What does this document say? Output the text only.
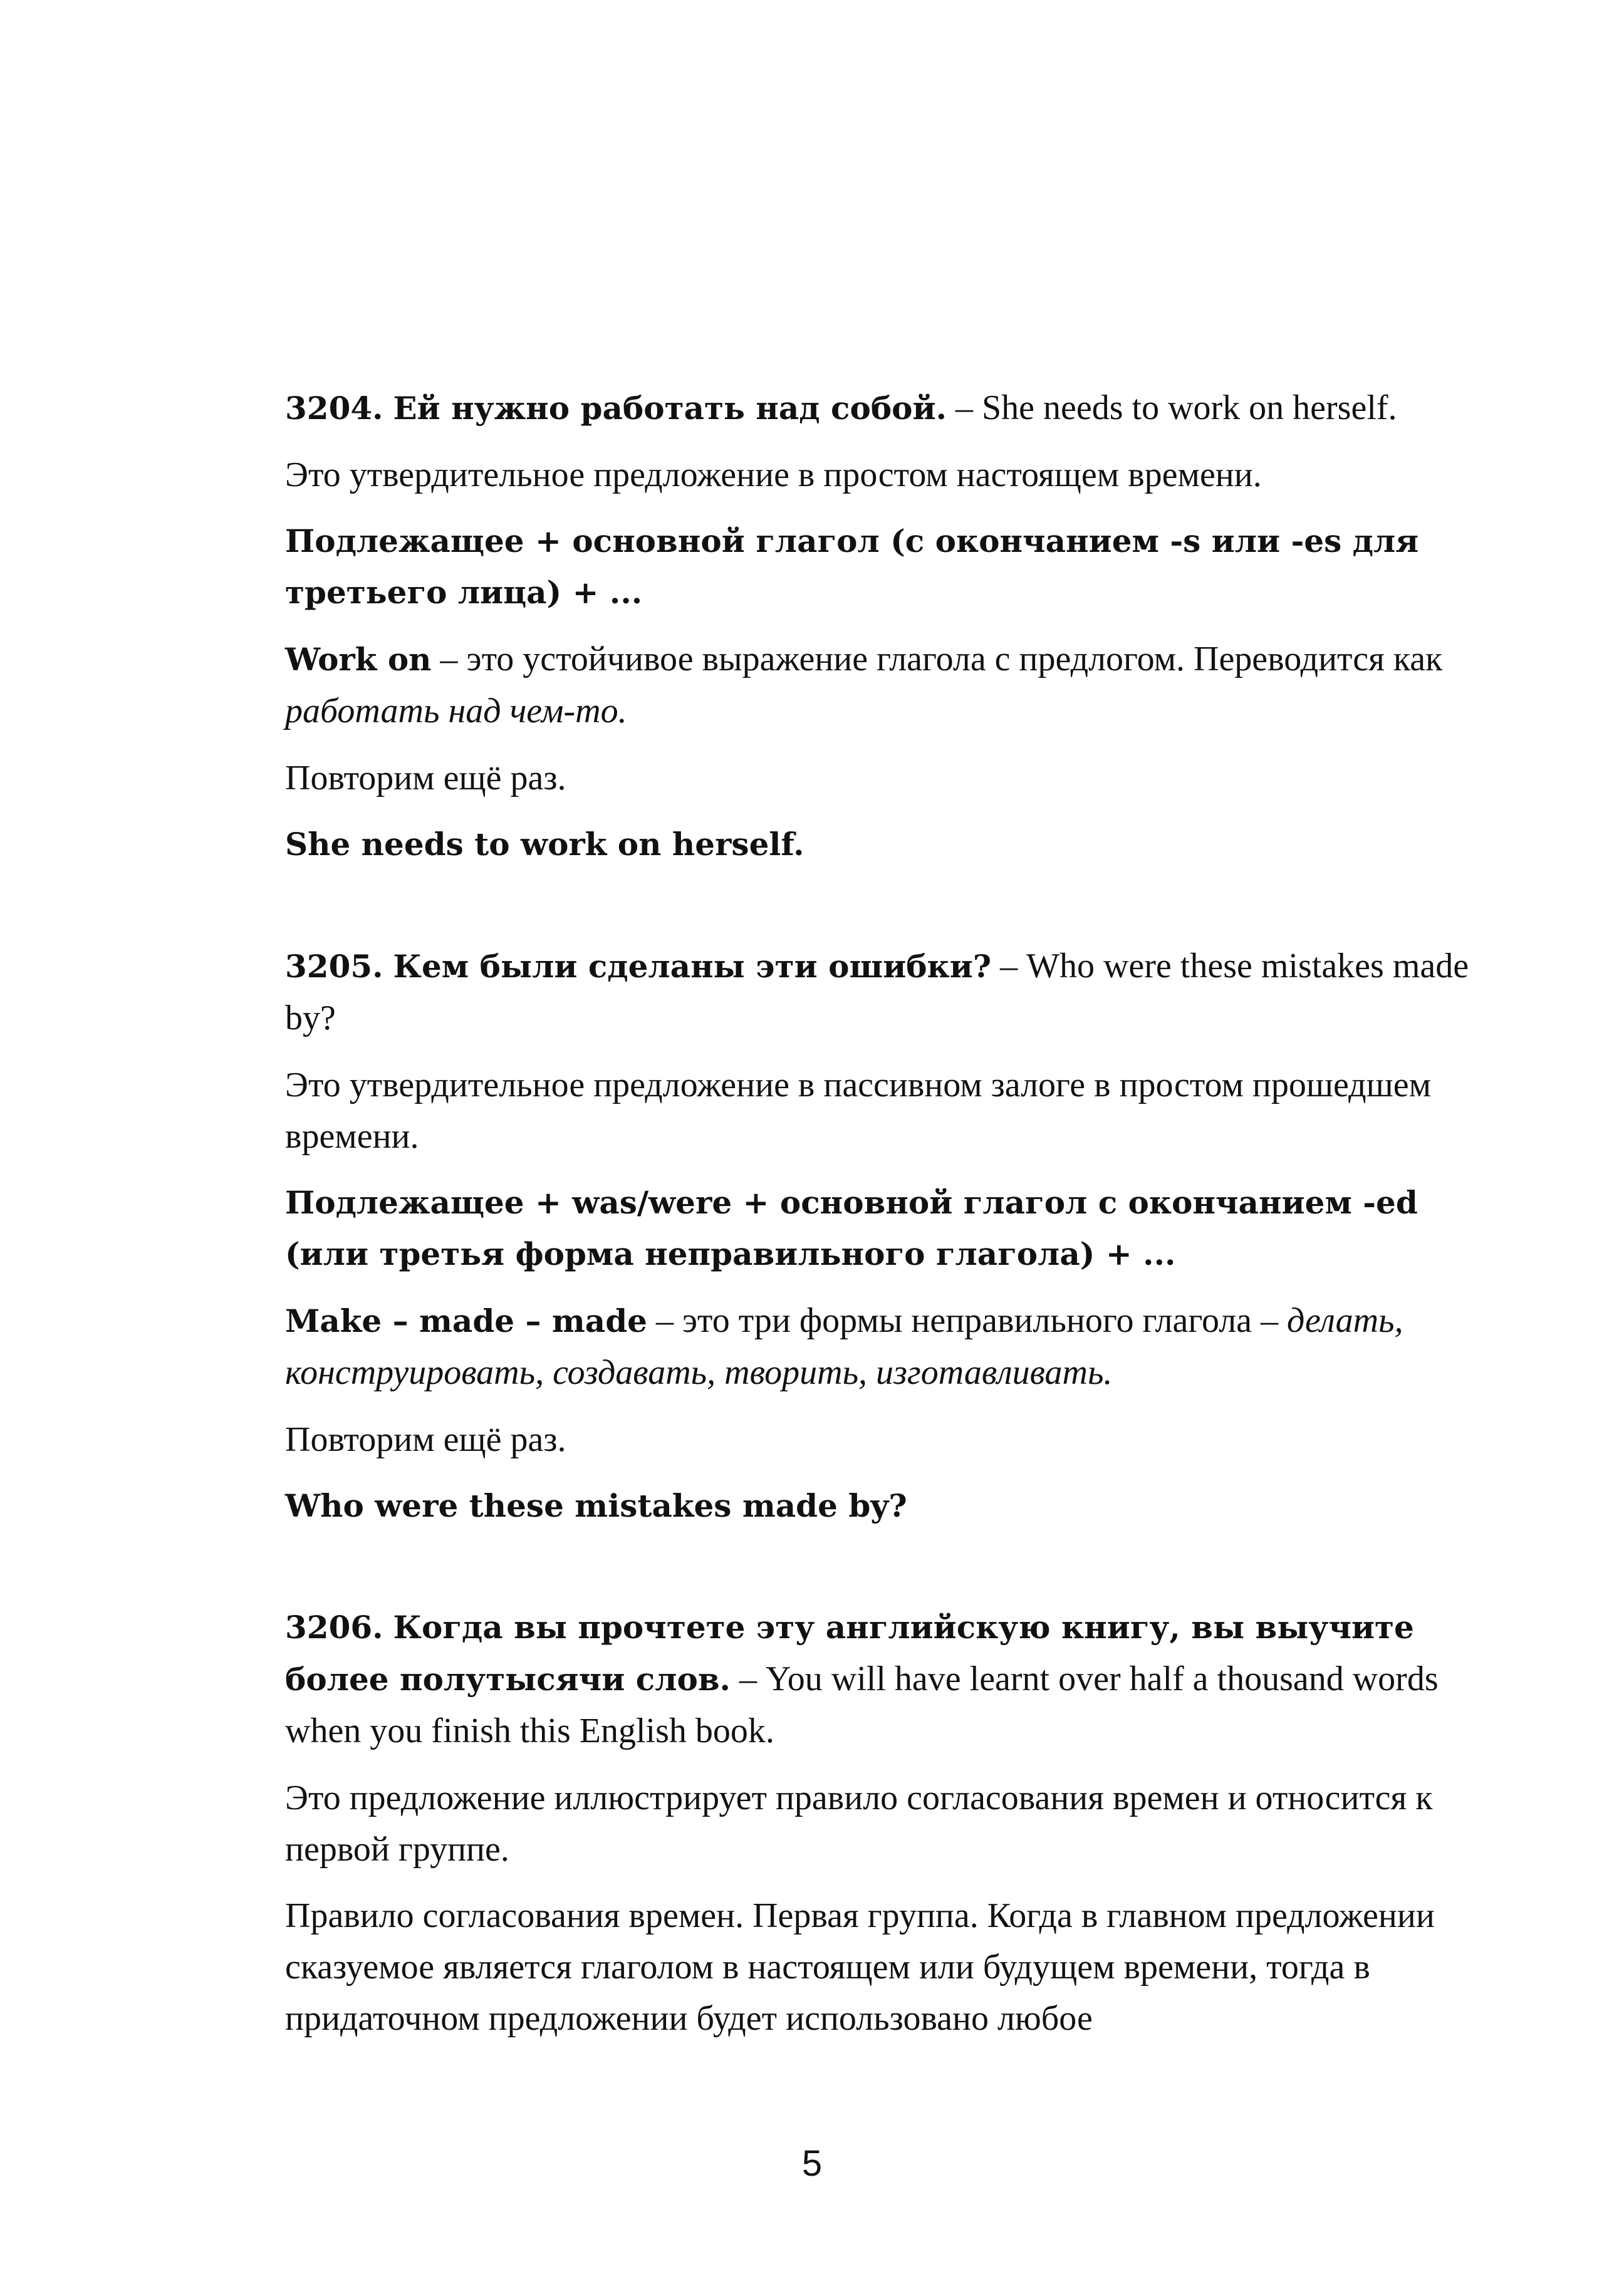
3204. Ей нужно работать над собой. – She needs to work on herself.

Это утвердительное предложение в простом настоящем времени.

Подлежащее + основной глагол (с окончанием -s или -es для третьего лица) + ...

Work on – это устойчивое выражение глагола с предлогом. Переводится как работать над чем-то.

Повторим ещё раз.

She needs to work on herself.

3205. Кем были сделаны эти ошибки? – Who were these mistakes made by?

Это утвердительное предложение в пассивном залоге в простом прошедшем времени.

Подлежащее + was/were + основной глагол с окончанием -ed (или третья форма неправильного глагола) + ...

Make – made – made – это три формы неправильного глагола – делать, конструировать, создавать, творить, изготавливать.

Повторим ещё раз.

Who were these mistakes made by?

3206. Когда вы прочтете эту английскую книгу, вы выучите более полутысячи слов. – You will have learnt over half a thousand words when you finish this English book.

Это предложение иллюстрирует правило согласования времен и относится к первой группе.

Правило согласования времен. Первая группа. Когда в главном предложении сказуемое является глаголом в настоящем или будущем времени, тогда в придаточном предложении будет использовано любое

5
